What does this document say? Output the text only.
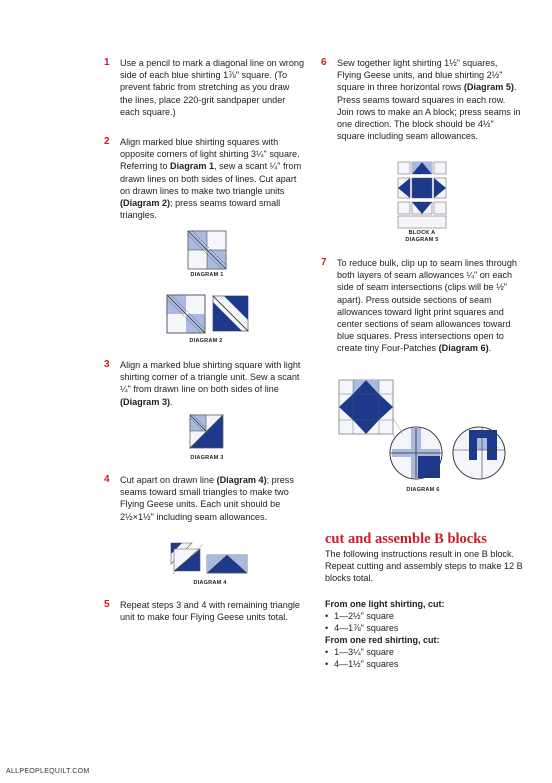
1 Use a pencil to mark a diagonal line on wrong side of each blue shirting 1⅞" square. (To prevent fabric from stretching as you draw the lines, place 220-grit sandpaper under each square.)
2 Align marked blue shirting squares with opposite corners of light shirting 3¼" square. Referring to Diagram 1, sew a scant ¼" from drawn lines on both sides of lines. Cut apart on drawn lines to make two triangle units (Diagram 2); press seams toward small triangles.
DIAGRAM 1
DIAGRAM 2
3 Align a marked blue shirting square with light shirting corner of a triangle unit. Sew a scant ¼" from drawn line on both sides of line (Diagram 3).
DIAGRAM 3
4 Cut apart on drawn line (Diagram 4); press seams toward small triangles to make two Flying Geese units. Each unit should be 2½×1½" including seam allowances.
DIAGRAM 4
5 Repeat steps 3 and 4 with remaining triangle unit to make four Flying Geese units total.
6 Sew together light shirting 1½" squares, Flying Geese units, and blue shirting 2½" square in three horizontal rows (Diagram 5). Press seams toward squares in each row. Join rows to make an A block; press seams in one direction. The block should be 4½" square including seam allowances.
BLOCK A
DIAGRAM 5
7 To reduce bulk, clip up to seam lines through both layers of seam allowances ¼" on each side of seam intersections (clips will be ½" apart). Press outside sections of seam allowances toward light print squares and center sections of seam allowances toward blue squares. Press intersections open to create tiny Four-Patches (Diagram 6).
DIAGRAM 6
cut and assemble B blocks
The following instructions result in one B block. Repeat cutting and assembly steps to make 12 B blocks total.
From one light shirting, cut:
• 1—2½" square
• 4—1⅞" squares
From one red shirting, cut:
• 1—3¼" square
• 4—1½" squares
ALLPEOPLEQUILT.COM
